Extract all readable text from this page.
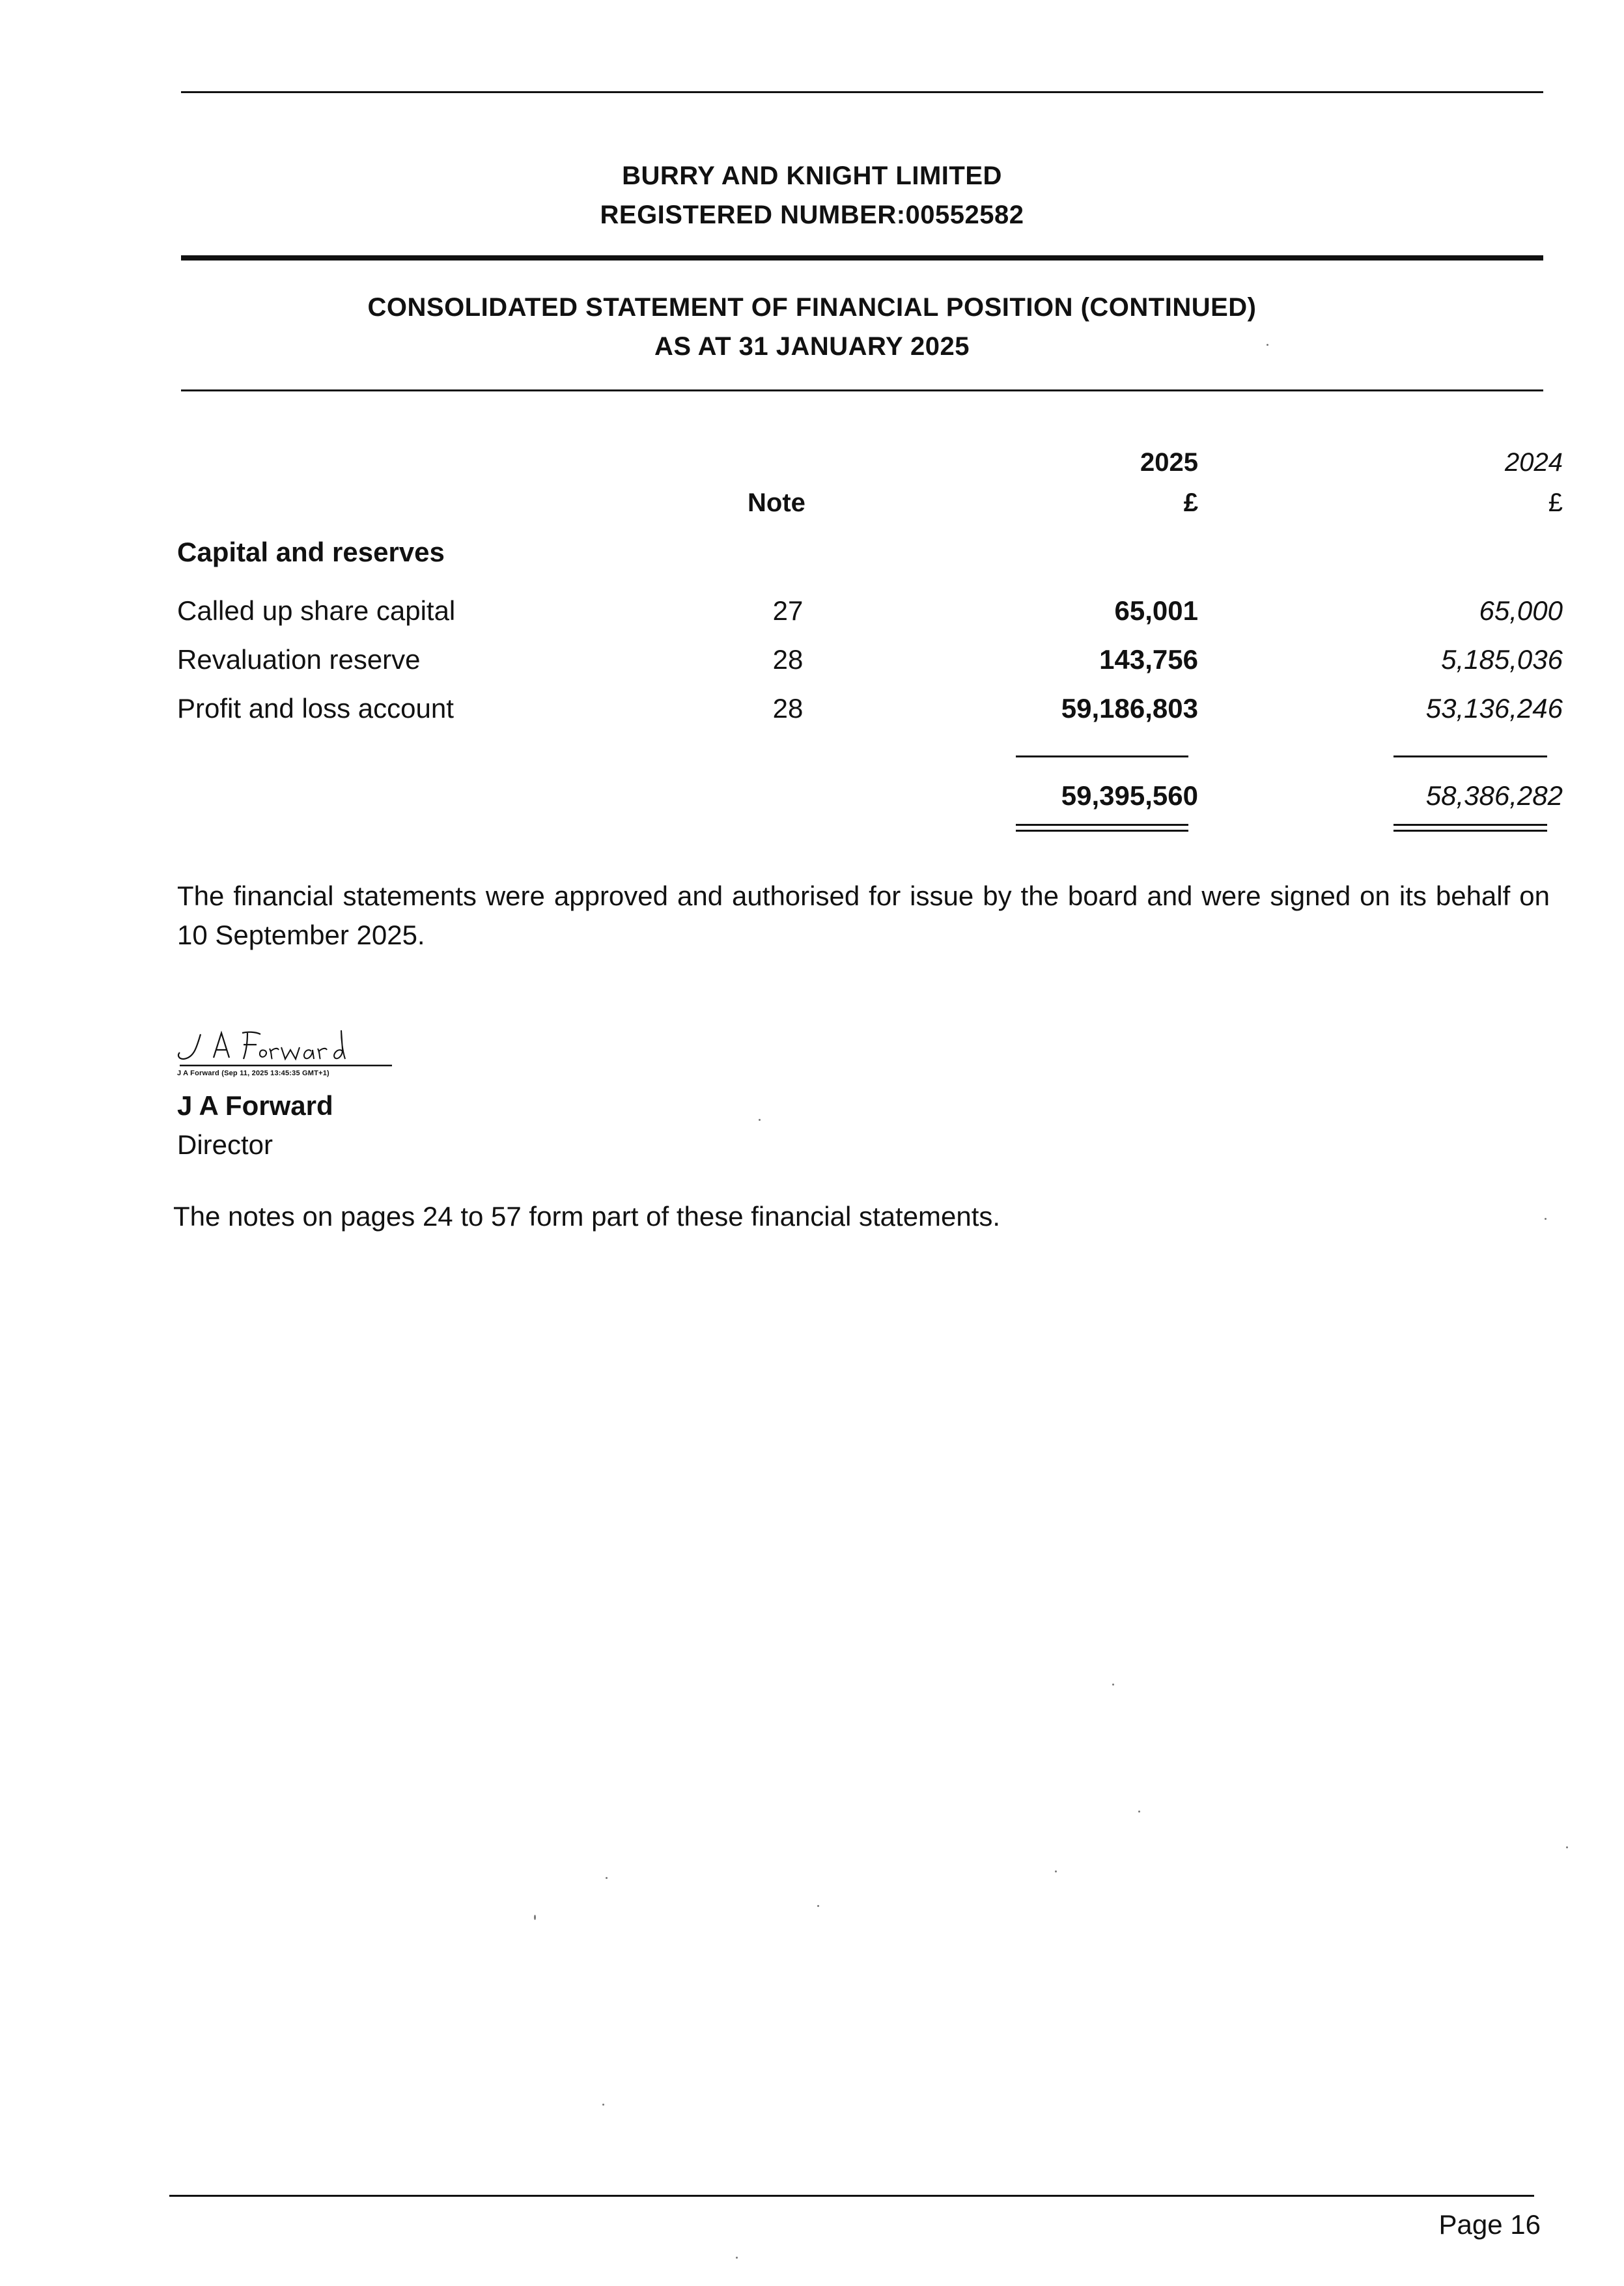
BURRY AND KNIGHT LIMITED
REGISTERED NUMBER:00552582
CONSOLIDATED STATEMENT OF FINANCIAL POSITION (CONTINUED)
AS AT 31 JANUARY 2025
2025	2024
Note	£	£
Capital and reserves
Called up share capital	27	65,001	65,000
Revaluation reserve	28	143,756	5,185,036
Profit and loss account	28	59,186,803	53,136,246
59,395,560	58,386,282
The financial statements were approved and authorised for issue by the board and were signed on its behalf on 10 September 2025.
J A Forward (Sep 11, 2025 13:45:35 GMT+1)
J A Forward
Director
The notes on pages 24 to 57 form part of these financial statements.
Page 16
